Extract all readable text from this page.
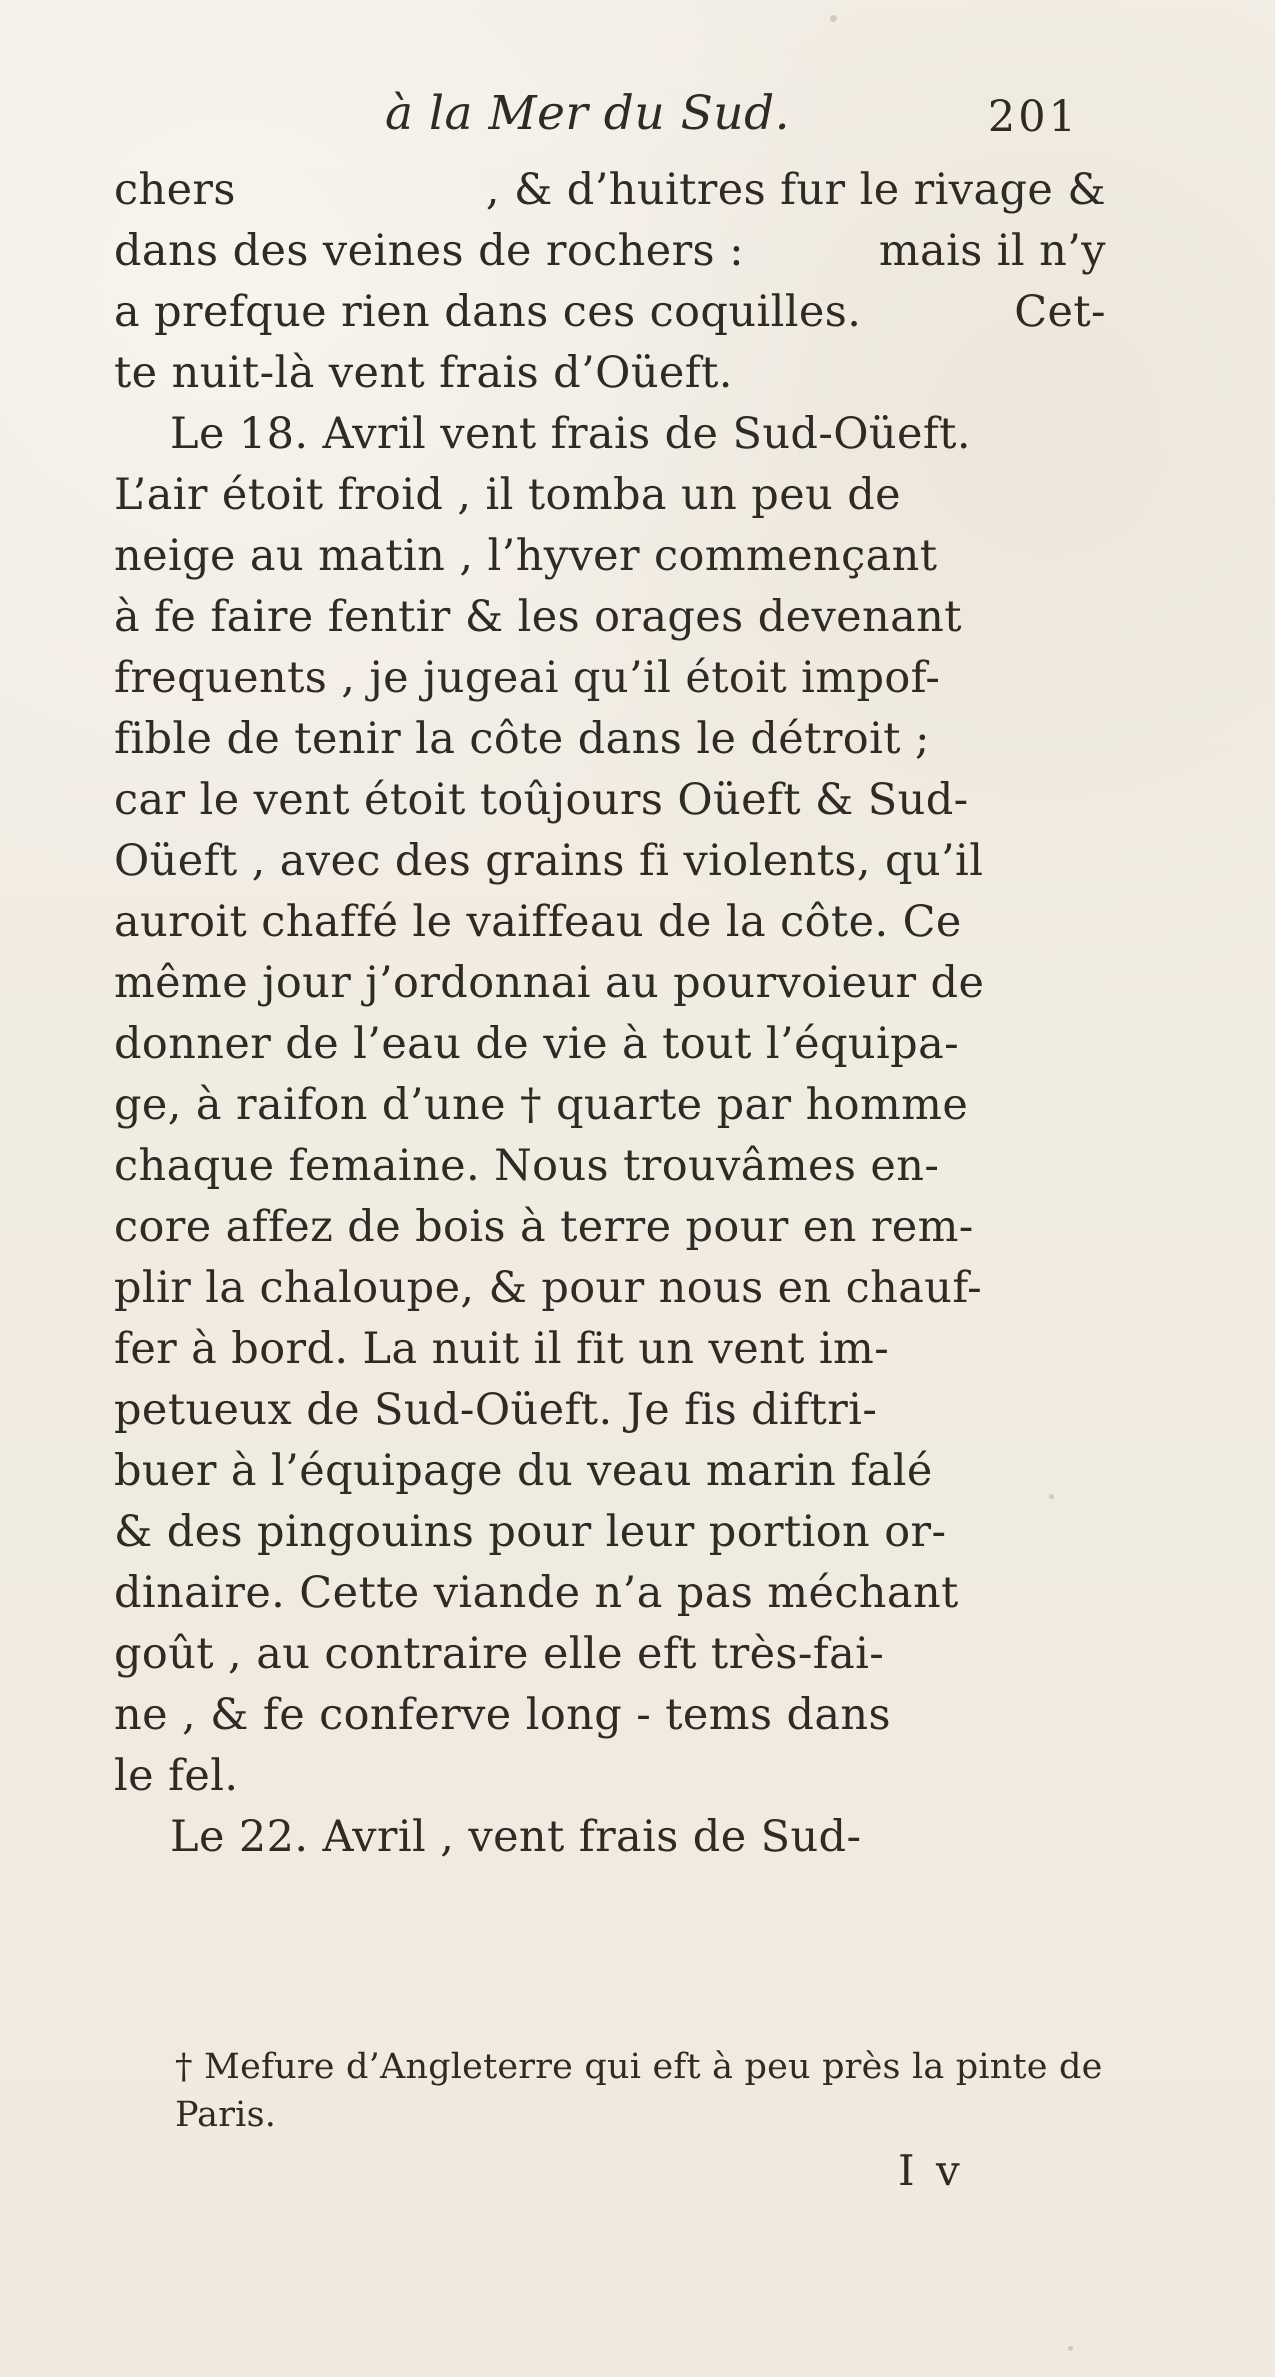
à la Mer du Sud.	201
chers	, & d’huitres fur le rivage &
dans des veines de rochers :	mais il n’y
a prefque rien dans ces coquilles.	Cet-
te nuit-là vent frais d’Oüeft.
Le 18. Avril vent frais de Sud-Oüeft.
L’air étoit froid , il tomba un peu de
neige au matin , l’hyver commençant
à fe faire fentir & les orages devenant
frequents , je jugeai qu’il étoit impof-
fible de tenir la côte dans le détroit ;
car le vent étoit toûjours Oüeft & Sud-
Oüeft , avec des grains fi violents, qu’il
auroit chaffé le vaiffeau de la côte. Ce
même jour j’ordonnai au pourvoieur de
donner de l’eau de vie à tout l’équipa-
ge, à raifon d’une † quarte par homme
chaque femaine. Nous trouvâmes en-
core affez de bois à terre pour en rem-
plir la chaloupe, & pour nous en chauf-
fer à bord. La nuit il fit un vent im-
petueux de Sud-Oüeft. Je fis diftri-
buer à l’équipage du veau marin falé
& des pingouins pour leur portion or-
dinaire. Cette viande n’a pas méchant
goût , au contraire elle eft très-fai-
ne , & fe conferve long - tems dans
le fel.
Le 22. Avril , vent frais de Sud-
† Mefure d’Angleterre qui eft à peu près la pinte de Paris.
I v
